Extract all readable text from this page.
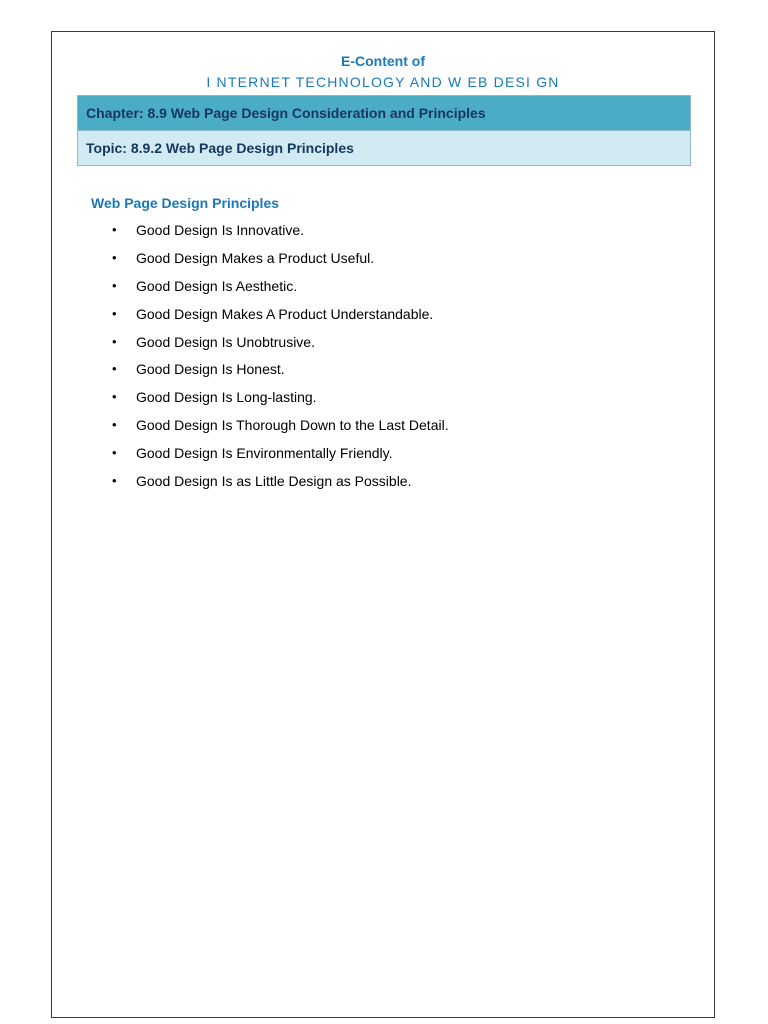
E-Content of
I NTERNET TECHNOLOGY AND W EB DESI GN
Chapter: 8.9 Web Page Design Consideration and Principles
Topic: 8.9.2 Web Page Design Principles
Web Page Design Principles
• Good Design Is Innovative.
• Good Design Makes a Product Useful.
• Good Design Is Aesthetic.
• Good Design Makes A Product Understandable.
• Good Design Is Unobtrusive.
• Good Design Is Honest.
• Good Design Is Long-lasting.
• Good Design Is Thorough Down to the Last Detail.
• Good Design Is Environmentally Friendly.
• Good Design Is as Little Design as Possible.
